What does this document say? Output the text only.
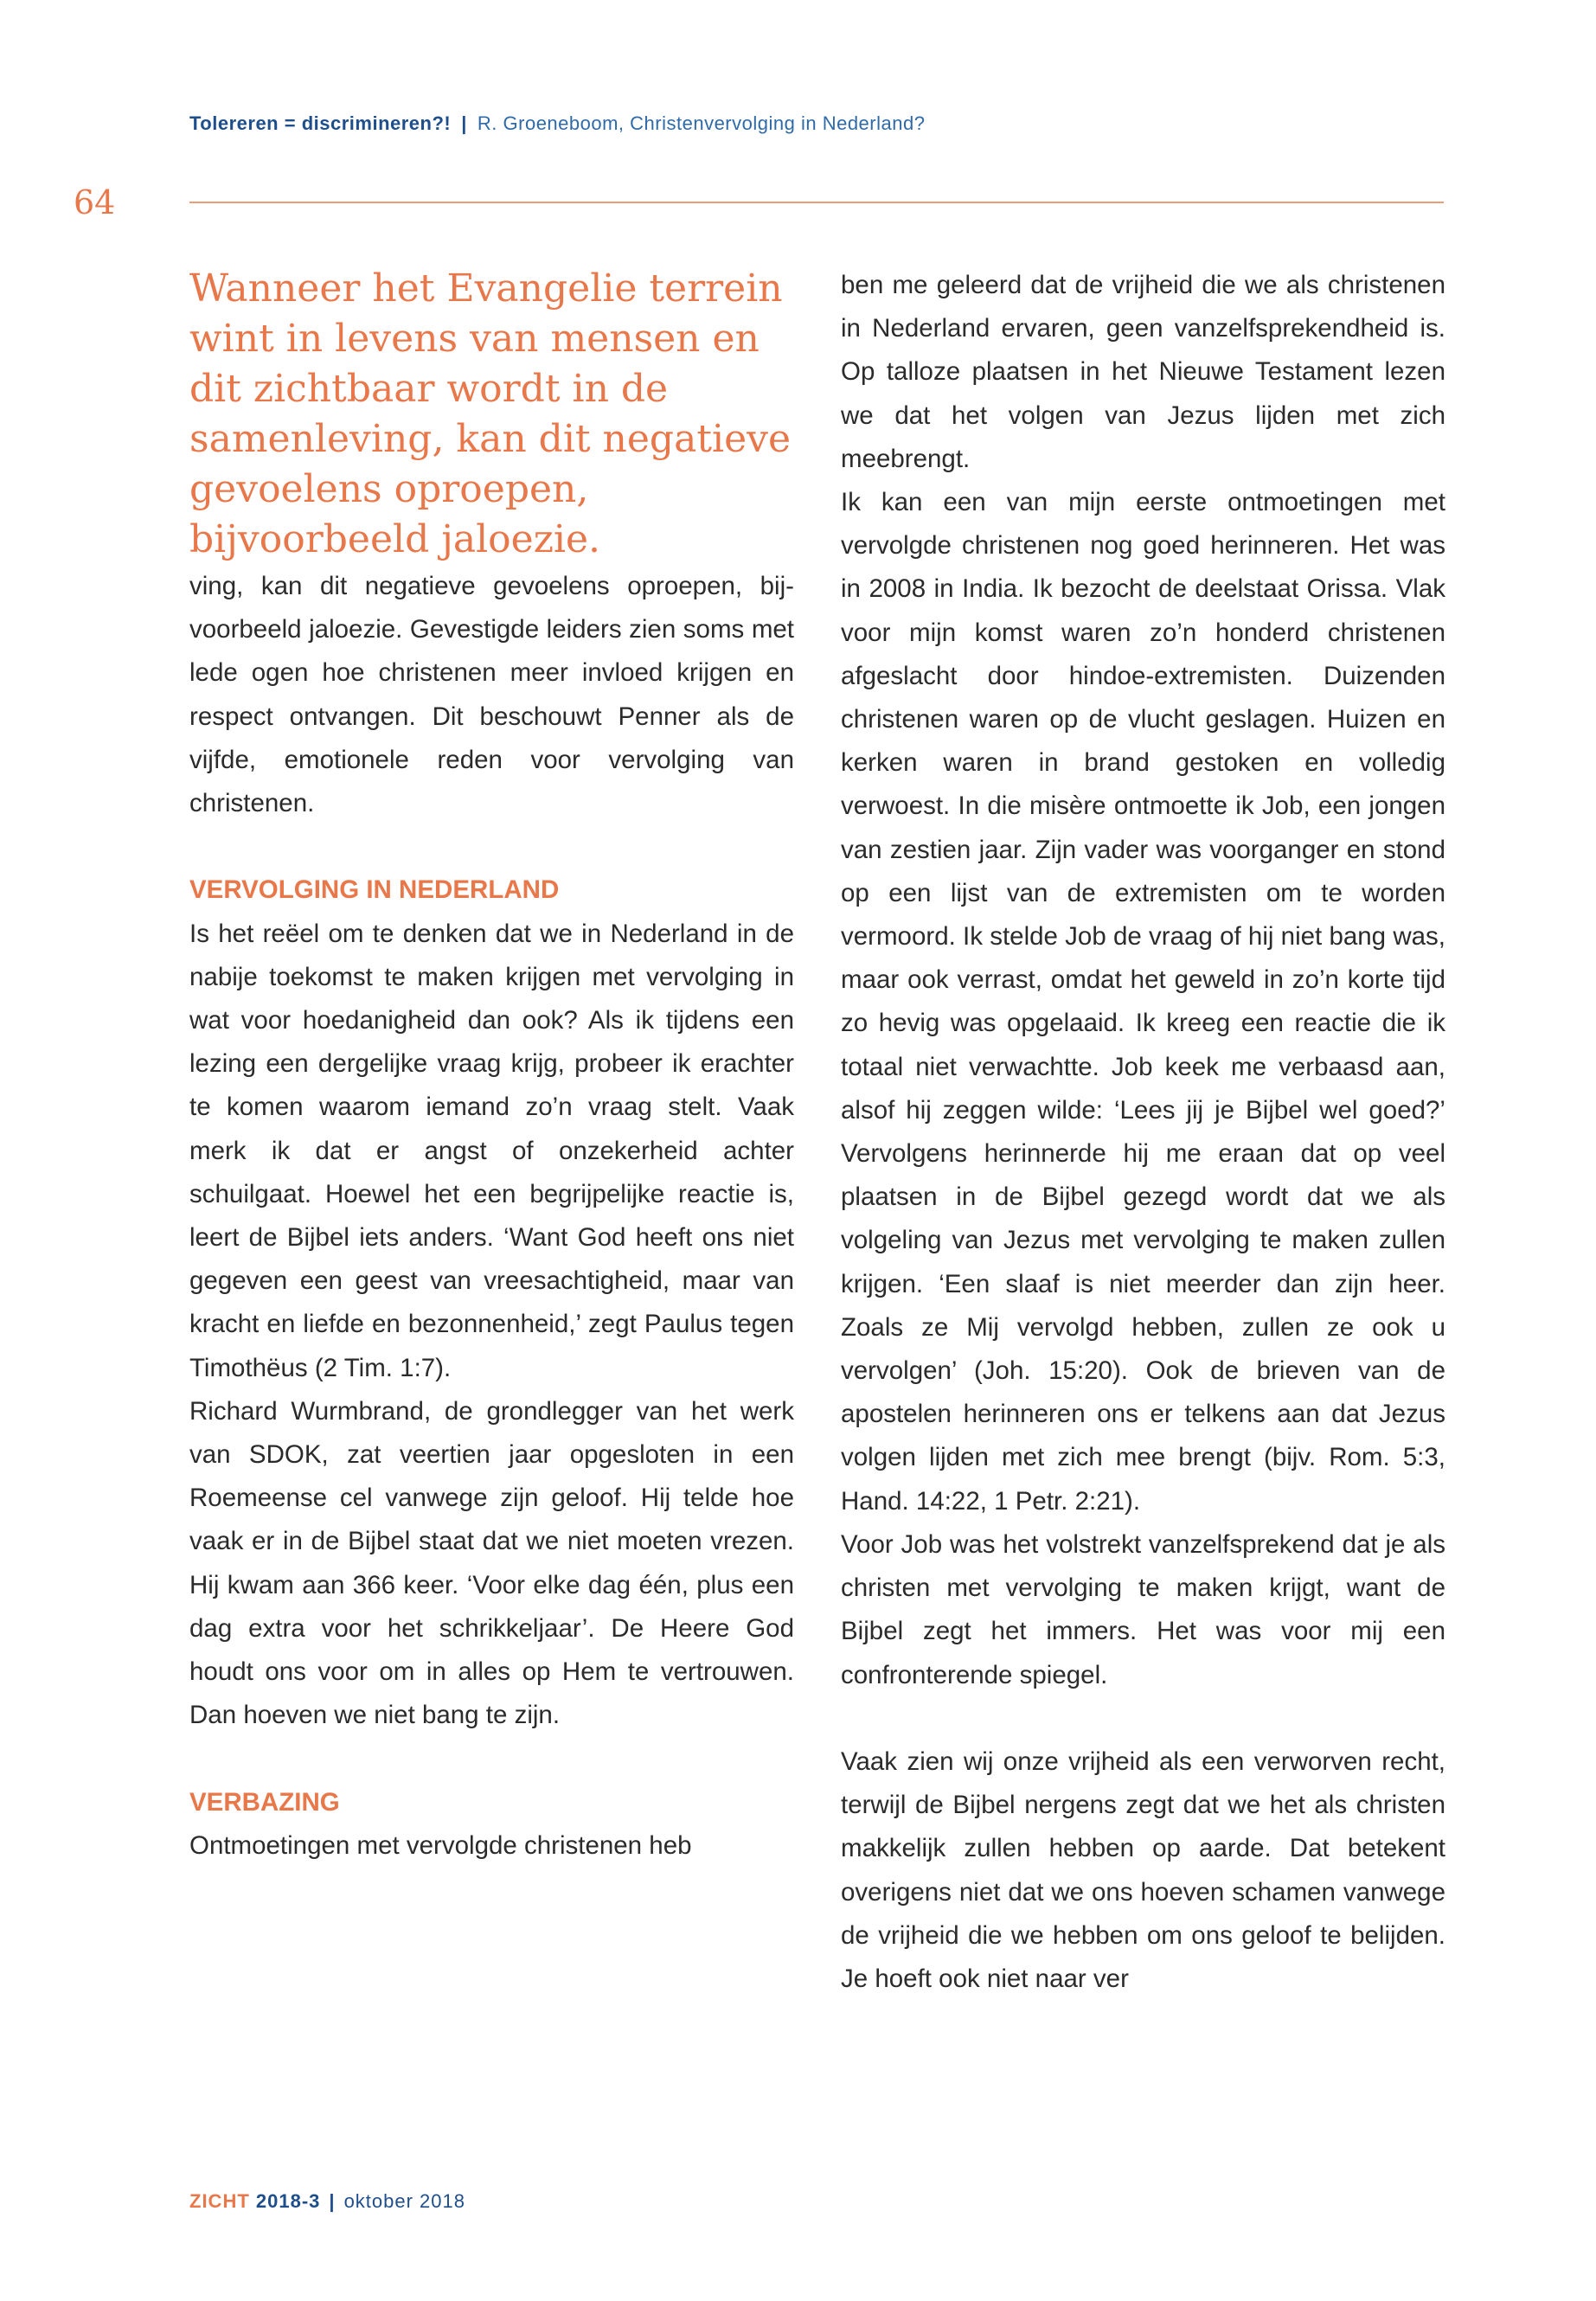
Tolereren = discrimineren?! | R. Groeneboom, Christenvervolging in Nederland?
64

Wanneer het Evangelie terrein wint in levens van mensen en dit zichtbaar wordt in de samenleving, kan dit negatieve gevoelens oproepen, bijvoorbeeld jaloezie.

ving, kan dit negatieve gevoelens oproepen, bijvoorbeeld jaloezie. Gevestigde leiders zien soms met lede ogen hoe christenen meer invloed krijgen en respect ontvangen. Dit beschouwt Penner als de vijfde, emotionele reden voor vervolging van christenen.

VERVOLGING IN NEDERLAND

Is het reëel om te denken dat we in Nederland in de nabije toekomst te maken krijgen met vervolging in wat voor hoedanigheid dan ook? Als ik tijdens een lezing een dergelijke vraag krijg, probeer ik erachter te komen waarom iemand zo’n vraag stelt. Vaak merk ik dat er angst of onzekerheid achter schuilgaat. Hoewel het een begrijpelijke reactie is, leert de Bijbel iets anders. ‘Want God heeft ons niet gegeven een geest van vreesachtigheid, maar van kracht en liefde en bezonnenheid,’ zegt Paulus tegen Timothëus (2 Tim. 1:7).

Richard Wurmbrand, de grondlegger van het werk van SDOK, zat veertien jaar opgesloten in een Roemeense cel vanwege zijn geloof. Hij telde hoe vaak er in de Bijbel staat dat we niet moeten vrezen. Hij kwam aan 366 keer. ‘Voor elke dag één, plus een dag extra voor het schrikkeljaar’. De Heere God houdt ons voor om in alles op Hem te vertrouwen. Dan hoeven we niet bang te zijn.

VERBAZING

Ontmoetingen met vervolgde christenen heb

ben me geleerd dat de vrijheid die we als christenen in Nederland ervaren, geen vanzelfsprekendheid is. Op talloze plaatsen in het Nieuwe Testament lezen we dat het volgen van Jezus lijden met zich meebrengt.

Ik kan een van mijn eerste ontmoetingen met vervolgde christenen nog goed herinneren. Het was in 2008 in India. Ik bezocht de deelstaat Orissa. Vlak voor mijn komst waren zo’n honderd christenen afgeslacht door hindoe-extremisten. Duizenden christenen waren op de vlucht geslagen. Huizen en kerken waren in brand gestoken en volledig verwoest. In die misère ontmoette ik Job, een jongen van zestien jaar. Zijn vader was voorganger en stond op een lijst van de extremisten om te worden vermoord. Ik stelde Job de vraag of hij niet bang was, maar ook verrast, omdat het geweld in zo’n korte tijd zo hevig was opgelaaid. Ik kreeg een reactie die ik totaal niet verwachtte. Job keek me verbaasd aan, alsof hij zeggen wilde: ‘Lees jij je Bijbel wel goed?’ Vervolgens herinnerde hij me eraan dat op veel plaatsen in de Bijbel gezegd wordt dat we als volgeling van Jezus met vervolging te maken zullen krijgen. ‘Een slaaf is niet meerder dan zijn heer. Zoals ze Mij vervolgd hebben, zullen ze ook u vervolgen’ (Joh. 15:20). Ook de brieven van de apostelen herinneren ons er telkens aan dat Jezus volgen lijden met zich mee brengt (bijv. Rom. 5:3, Hand. 14:22, 1 Petr. 2:21).

Voor Job was het volstrekt vanzelfsprekend dat je als christen met vervolging te maken krijgt, want de Bijbel zegt het immers. Het was voor mij een confronterende spiegel.

Vaak zien wij onze vrijheid als een verworven recht, terwijl de Bijbel nergens zegt dat we het als christen makkelijk zullen hebben op aarde. Dat betekent overigens niet dat we ons hoeven schamen vanwege de vrijheid die we hebben om ons geloof te belijden. Je hoeft ook niet naar ver

ZICHT 2018-3 | oktober 2018
